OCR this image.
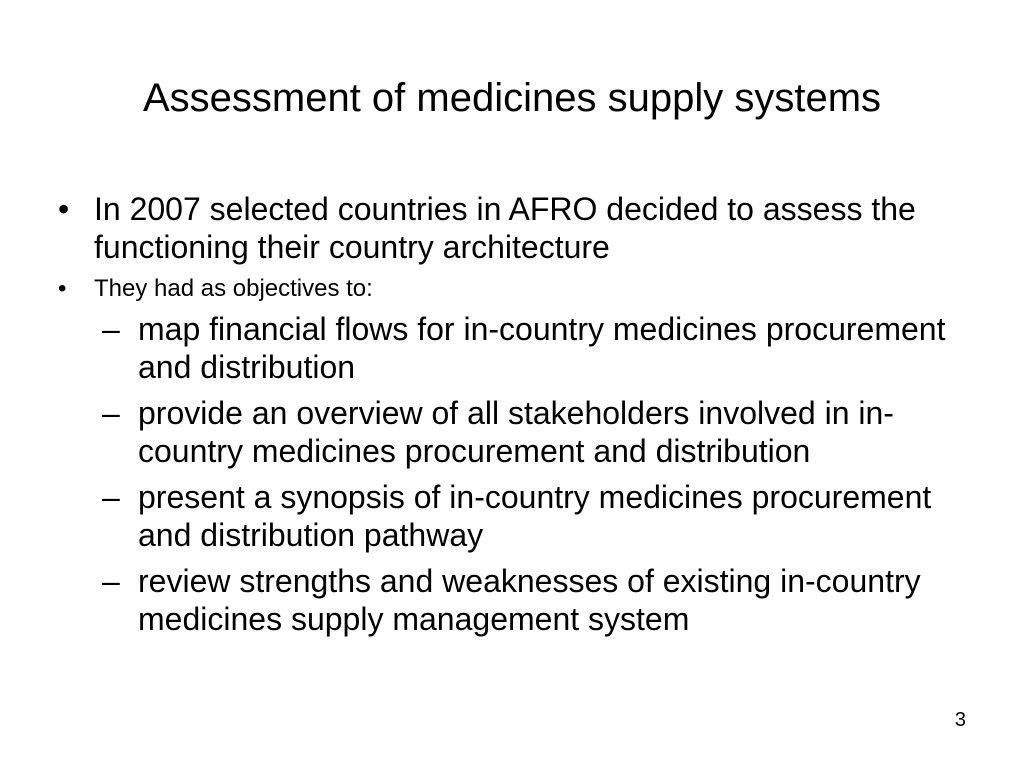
Assessment of medicines supply systems
• In 2007 selected countries in AFRO decided to assess the functioning their country architecture
• They had as objectives to:
– map financial flows for in-country medicines procurement and distribution
– provide an overview of all stakeholders involved in in-country medicines procurement and distribution
– present a synopsis of in-country medicines procurement and distribution pathway
– review strengths and weaknesses of existing in-country medicines supply management system
3
